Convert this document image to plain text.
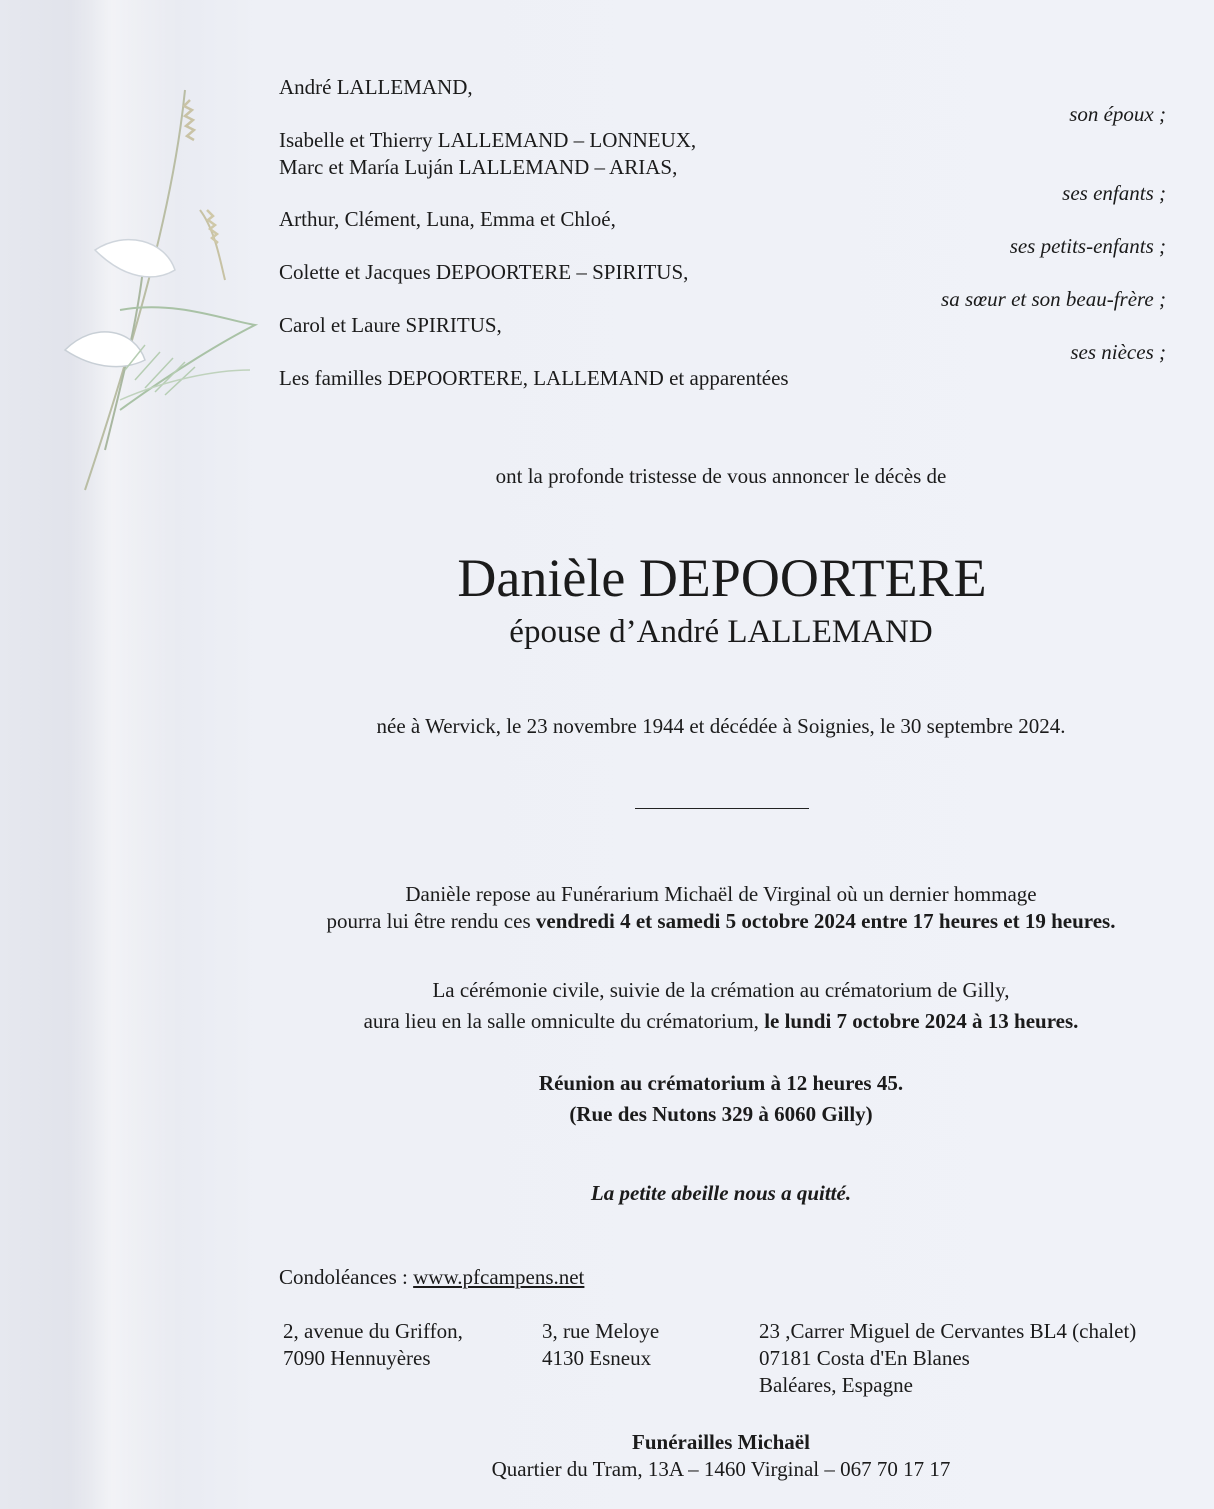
André LALLEMAND,
son époux ;
Isabelle et Thierry LALLEMAND – LONNEUX,
Marc et María Luján LALLEMAND – ARIAS,
ses enfants ;
Arthur, Clément, Luna, Emma et Chloé,
ses petits-enfants ;
Colette et Jacques DEPOORTERE – SPIRITUS,
sa sœur et son beau-frère ;
Carol et Laure SPIRITUS,
ses nièces ;
Les familles DEPOORTERE, LALLEMAND et apparentées
ont la profonde tristesse de vous annoncer le décès de
Danièle DEPOORTERE
épouse d’André LALLEMAND
née à Wervick, le 23 novembre 1944 et décédée à Soignies, le 30 septembre 2024.
Danièle repose au Funérarium Michaël de Virginal où un dernier hommage
pourra lui être rendu ces vendredi 4 et samedi 5 octobre 2024 entre 17 heures et 19 heures.
La cérémonie civile, suivie de la crémation au crématorium de Gilly,
aura lieu en la salle omniculte du crématorium, le lundi 7 octobre 2024 à 13 heures.
Réunion au crématorium à 12 heures 45.
(Rue des Nutons 329 à 6060 Gilly)
La petite abeille nous a quitté.
Condoléances : www.pfcampens.net
2, avenue du Griffon,
7090 Hennuyères
3, rue Meloye
4130 Esneux
23 ,Carrer Miguel de Cervantes BL4 (chalet)
07181 Costa d'En Blanes
Baléares, Espagne
Funérailles Michaël
Quartier du Tram, 13A – 1460 Virginal – 067 70 17 17
